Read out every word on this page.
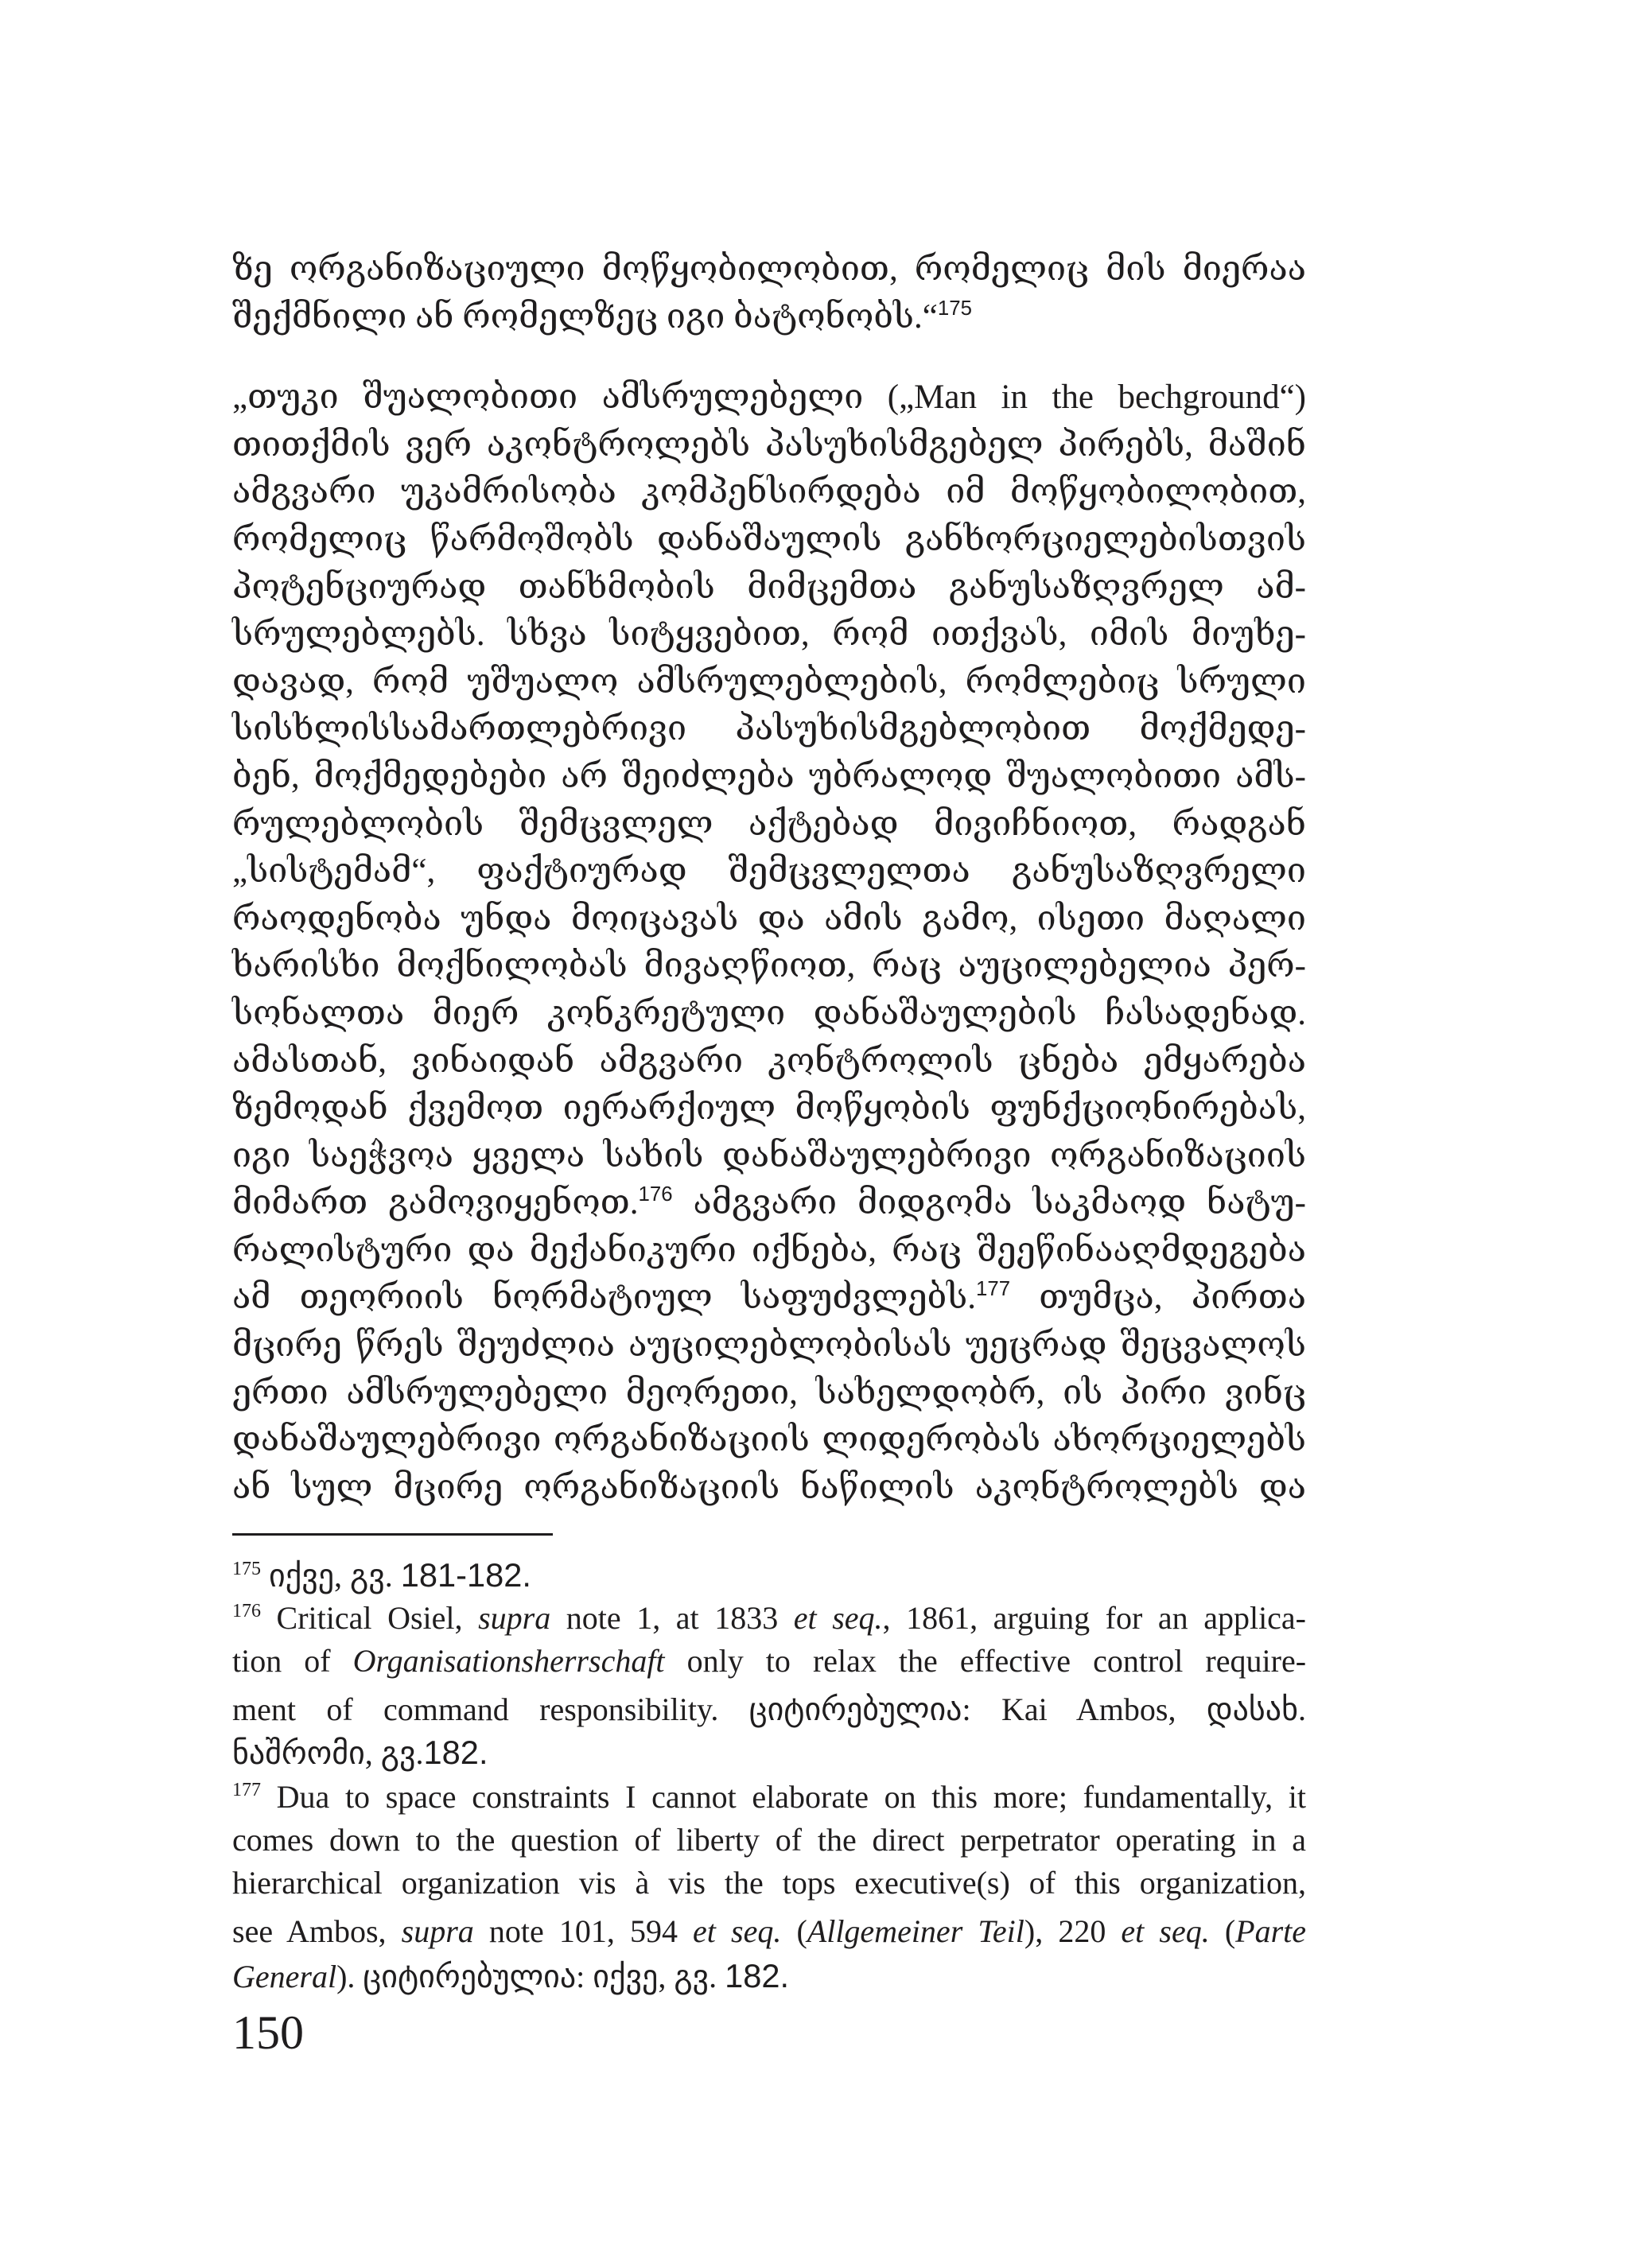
ზე ორგანიზაციული მოწყობილობით, რომელიც მის მიერაა
შექმნილი ან რომელზეც იგი ბატონობს.“$^{175}$
„თუკი შუალობითი ამსრულებელი („Man in the bechground“)
თითქმის ვერ აკონტროლებს პასუხისმგებელ პირებს, მაშინ
ამგვარი უკამრისობა კომპენსირდება იმ მოწყობილობით,
რომელიც წარმოშობს დანაშაულის განხორციელებისთვის
პოტენციურად თანხმობის მიმცემთა განუსაზღვრელ ამ-
სრულებლებს. სხვა სიტყვებით, რომ ითქვას, იმის მიუხე-
დავად, რომ უშუალო ამსრულებლების, რომლებიც სრული
სისხლისსამართლებრივი პასუხისმგებლობით მოქმედე-
ბენ, მოქმედებები არ შეიძლება უბრალოდ შუალობითი ამს-
რულებლობის შემცვლელ აქტებად მივიჩნიოთ, რადგან
„სისტემამ“, ფაქტიურად შემცვლელთა განუსაზღვრელი
რაოდენობა უნდა მოიცავას და ამის გამო, ისეთი მაღალი
ხარისხი მოქნილობას მივაღწიოთ, რაც აუცილებელია პერ-
სონალთა მიერ კონკრეტული დანაშაულების ჩასადენად.
ამასთან, ვინაიდან ამგვარი კონტროლის ცნება ემყარება
ზემოდან ქვემოთ იერარქიულ მოწყობის ფუნქციონირებას,
იგი საეჭვოა ყველა სახის დანაშაულებრივი ორგანიზაციის
მიმართ გამოვიყენოთ.$^{176}$ ამგვარი მიდგომა საკმაოდ ნატუ-
რალისტური და მექანიკური იქნება, რაც შეეწინააღმდეგება
ამ თეორიის ნორმატიულ საფუძვლებს.$^{177}$ თუმცა, პირთა
მცირე წრეს შეუძლია აუცილებლობისას უეცრად შეცვალოს
ერთი ამსრულებელი მეორეთი, სახელდობრ, ის პირი ვინც
დანაშაულებრივი ორგანიზაციის ლიდერობას ახორციელებს
ან სულ მცირე ორგანიზაციის ნაწილის აკონტროლებს და
$^{175}$ იქვე, გვ. 181-182.
$^{176}$ Critical Osiel, supra note 1, at 1833 et seq., 1861, arguing for an applica-
tion of Organisationsherrschaft only to relax the effective control require-
ment of command responsibility. ციტირებულია: Kai Ambos, დასახ.
ნაშრომი, გვ.182.
$^{177}$ Dua to space constraints I cannot elaborate on this more; fundamentally, it
comes down to the question of liberty of the direct perpetrator operating in a
hierarchical organization vis à vis the tops executive(s) of this organization,
see Ambos, supra note 101, 594 et seq. (Allgemeiner Teil), 220 et seq. (Parte
General). ციტირებულია: იქვე, გვ. 182.
150
